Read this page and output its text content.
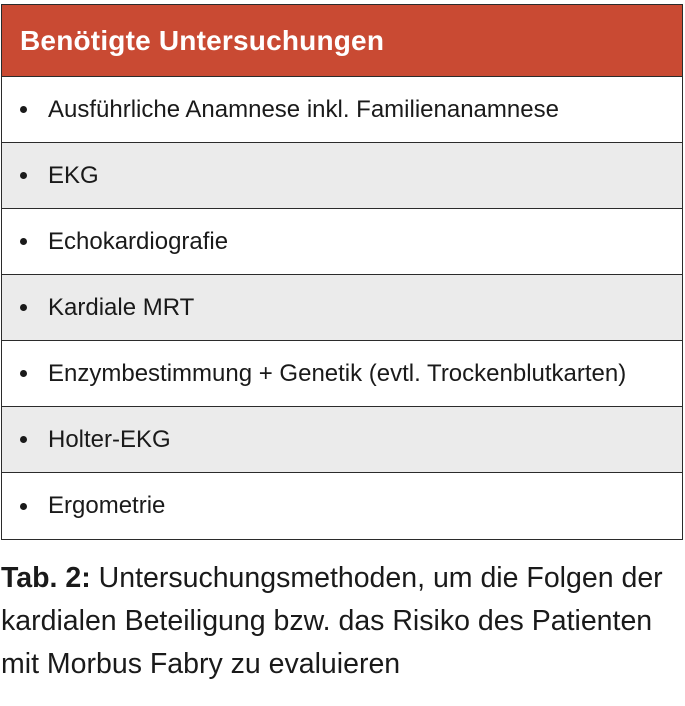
Benötigte Untersuchungen
Ausführliche Anamnese inkl. Familienanamnese
EKG
Echokardiografie
Kardiale MRT
Enzymbestimmung + Genetik (evtl. Trockenblutkarten)
Holter-EKG
Ergometrie
Tab. 2: Untersuchungsmethoden, um die Folgen der kardialen Beteiligung bzw. das Risiko des Patienten mit Morbus Fabry zu evaluieren
